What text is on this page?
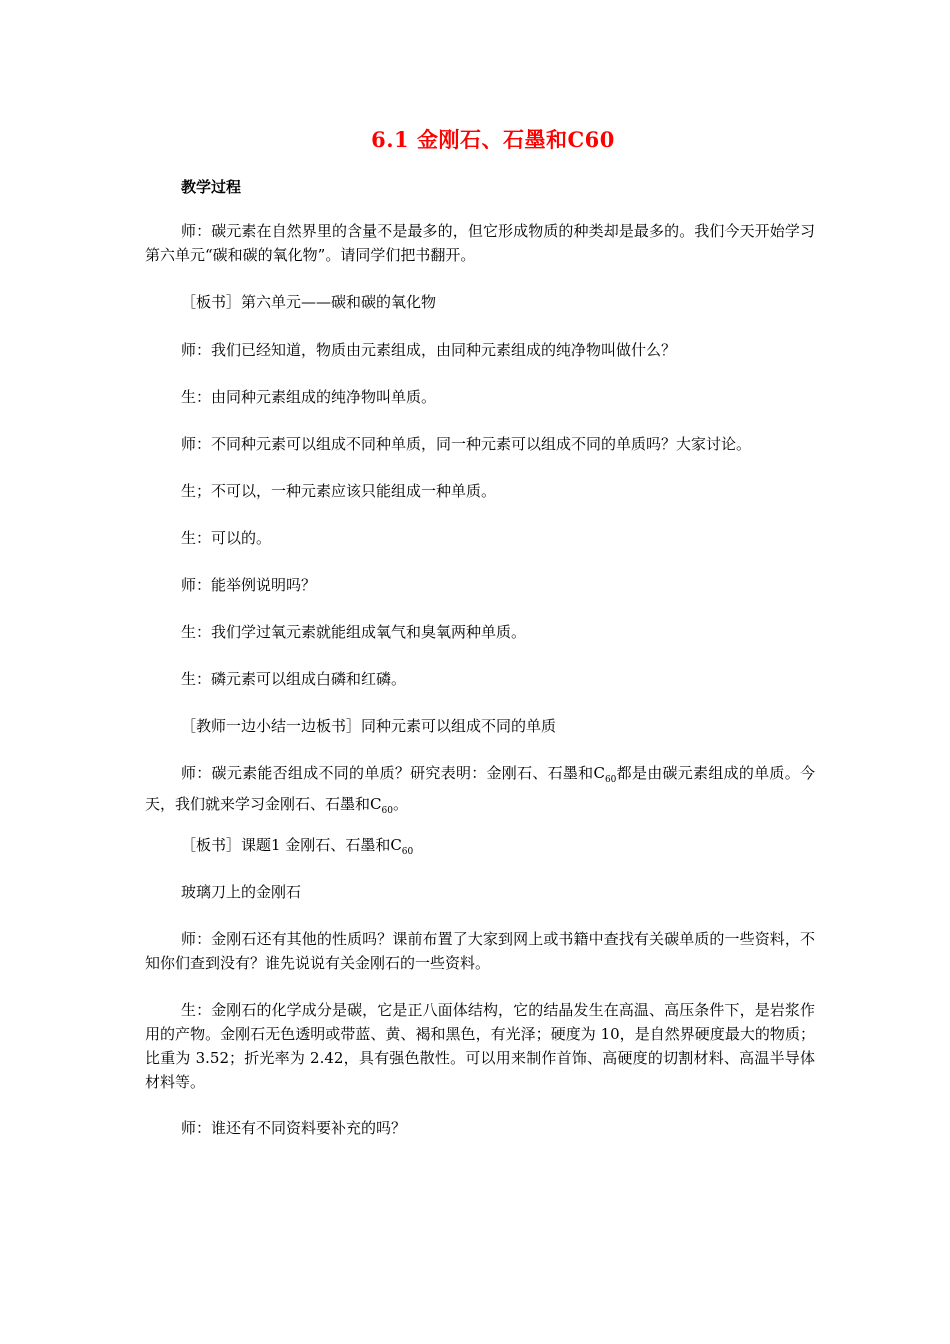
6.1 金刚石、石墨和C60
教学过程
师：碳元素在自然界里的含量不是最多的，但它形成物质的种类却是最多的。我们今天开始学习第六单元“碳和碳的氧化物”。请同学们把书翻开。
［板书］第六单元——碳和碳的氧化物
师：我们已经知道，物质由元素组成，由同种元素组成的纯净物叫做什么？
生：由同种元素组成的纯净物叫单质。
师：不同种元素可以组成不同种单质，同一种元素可以组成不同的单质吗？大家讨论。
生；不可以，一种元素应该只能组成一种单质。
生：可以的。
师：能举例说明吗？
生：我们学过氧元素就能组成氧气和臭氧两种单质。
生：磷元素可以组成白磷和红磷。
［教师一边小结一边板书］同种元素可以组成不同的单质
师：碳元素能否组成不同的单质？研究表明：金刚石、石墨和$C_{60}$都是由碳元素组成的单质。今天，我们就来学习金刚石、石墨和$C_{60}$。
［板书］课题1 金刚石、石墨和$C_{60}$
玻璃刀上的金刚石
师：金刚石还有其他的性质吗？课前布置了大家到网上或书籍中查找有关碳单质的一些资料，不知你们查到没有？谁先说说有关金刚石的一些资料。
生：金刚石的化学成分是碳，它是正八面体结构，它的结晶发生在高温、高压条件下，是岩浆作用的产物。金刚石无色透明或带蓝、黄、褐和黑色，有光泽；硬度为 10，是自然界硬度最大的物质；比重为 3.52；折光率为 2.42，具有强色散性。可以用来制作首饰、高硬度的切割材料、高温半导体材料等。
师：谁还有不同资料要补充的吗？
